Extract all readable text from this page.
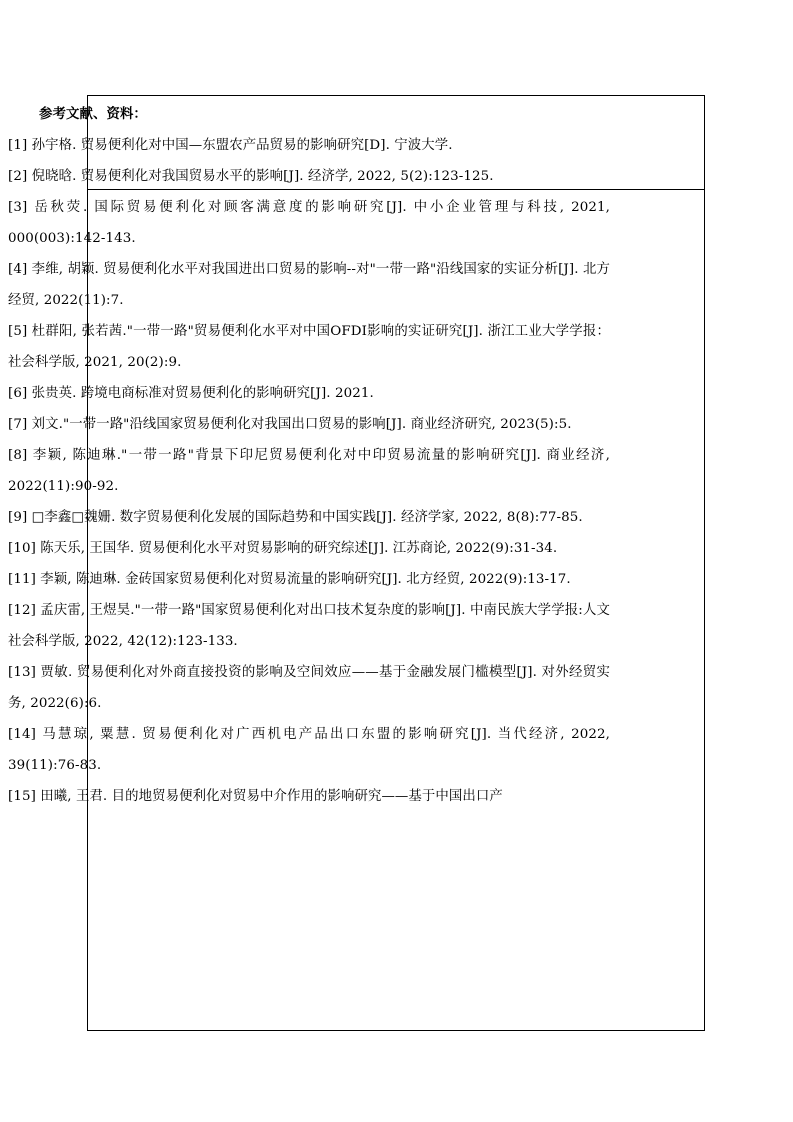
参考文献、资料：

[1] 孙宇格. 贸易便利化对中国—东盟农产品贸易的影响研究[D]. 宁波大学.

[2] 倪晓晗. 贸易便利化对我国贸易水平的影响[J]. 经济学, 2022, 5(2):123-125.

[3] 岳秋荧. 国际贸易便利化对顾客满意度的影响研究[J]. 中小企业管理与科技, 2021, 000(003):142-143.

[4] 李维, 胡颖. 贸易便利化水平对我国进出口贸易的影响--对"一带一路"沿线国家的实证分析[J]. 北方经贸, 2022(11):7.

[5] 杜群阳, 张若茜."一带一路"贸易便利化水平对中国OFDI影响的实证研究[J]. 浙江工业大学学报：社会科学版, 2021, 20(2):9.

[6] 张贵英. 跨境电商标准对贸易便利化的影响研究[J]. 2021.

[7] 刘文."一带一路"沿线国家贸易便利化对我国出口贸易的影响[J]. 商业经济研究, 2023(5):5.

[8] 李颖, 陈迪琳."一带一路"背景下印尼贸易便利化对中印贸易流量的影响研究[J]. 商业经济, 2022(11):90-92.

[9] □李鑫□魏姗. 数字贸易便利化发展的国际趋势和中国实践[J]. 经济学家, 2022, 8(8):77-85.

[10] 陈天乐, 王国华. 贸易便利化水平对贸易影响的研究综述[J]. 江苏商论, 2022(9):31-34.

[11] 李颖, 陈迪琳. 金砖国家贸易便利化对贸易流量的影响研究[J]. 北方经贸, 2022(9):13-17.

[12] 孟庆雷, 王煜昊."一带一路"国家贸易便利化对出口技术复杂度的影响[J]. 中南民族大学学报:人文社会科学版, 2022, 42(12):123-133.

[13] 贾敏. 贸易便利化对外商直接投资的影响及空间效应——基于金融发展门槛模型[J]. 对外经贸实务, 2022(6):6.

[14] 马慧琼, 粟慧. 贸易便利化对广西机电产品出口东盟的影响研究[J]. 当代经济, 2022, 39(11):76-83.

[15] 田曦, 王君. 目的地贸易便利化对贸易中介作用的影响研究——基于中国出口产
